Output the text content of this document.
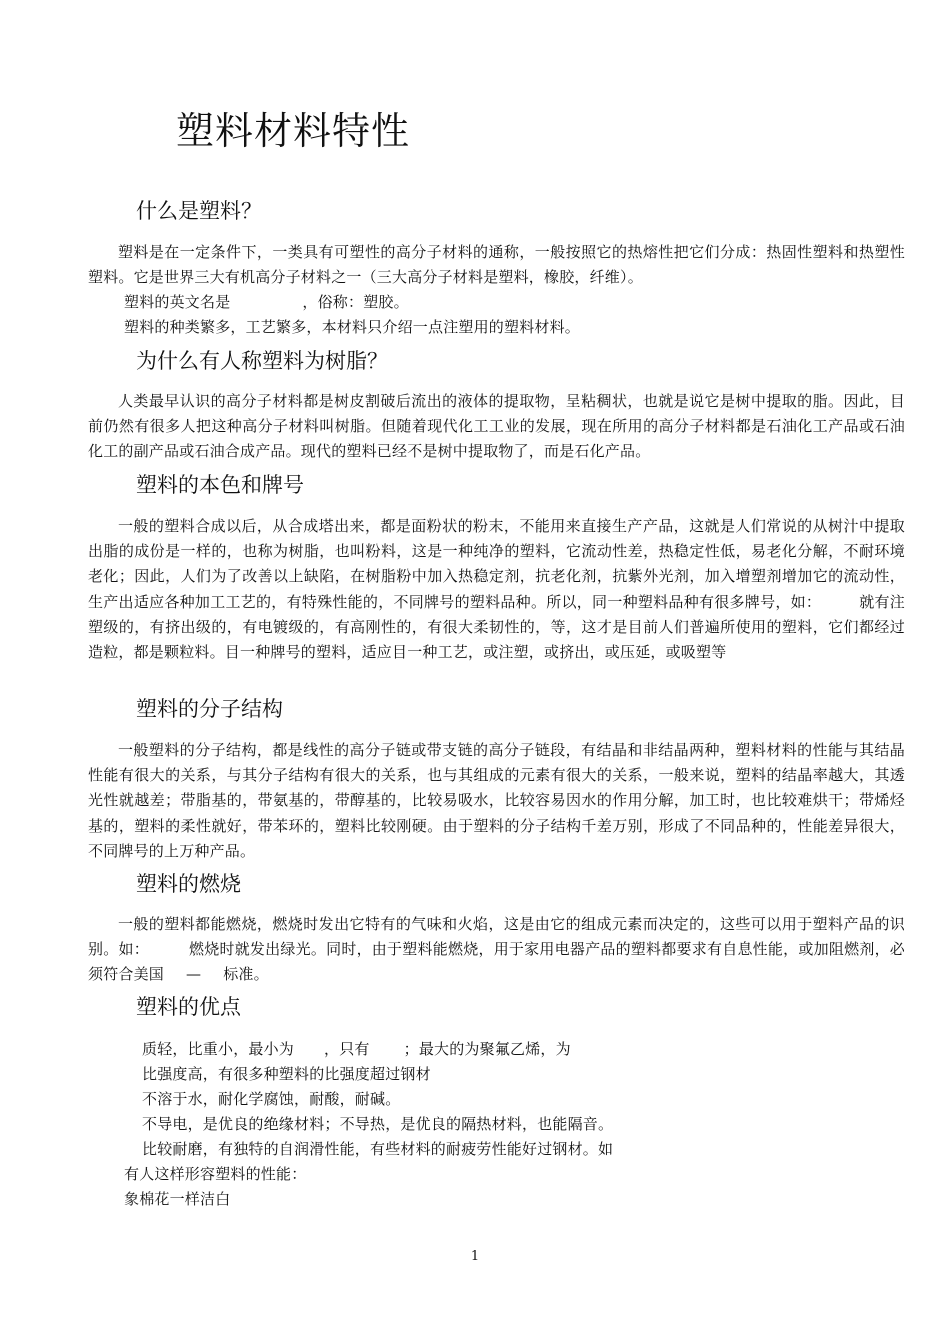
塑料材料特性
什么是塑料？

塑料是在一定条件下，一类具有可塑性的高分子材料的通称，一般按照它的热熔性把它们分成：热固性塑料和热塑性塑料。它是世界三大有机高分子材料之一（三大高分子材料是塑料，橡胶，纤维）。

塑料的英文名是	，俗称：塑胶。

塑料的种类繁多，工艺繁多，本材料只介绍一点注塑用的塑料材料。

为什么有人称塑料为树脂？

人类最早认识的高分子材料都是树皮割破后流出的液体的提取物，呈粘稠状，也就是说它是树中提取的脂。因此，目前仍然有很多人把这种高分子材料叫树脂。但随着现代化工工业的发展，现在所用的高分子材料都是石油化工产品或石油化工的副产品或石油合成产品。现代的塑料已经不是树中提取物了，而是石化产品。

塑料的本色和牌号

一般的塑料合成以后，从合成塔出来，都是面粉状的粉末，不能用来直接生产产品，这就是人们常说的从树汁中提取出脂的成份是一样的，也称为树脂，也叫粉料，这是一种纯净的塑料，它流动性差，热稳定性低，易老化分解，不耐环境老化；因此，人们为了改善以上缺陷，在树脂粉中加入热稳定剂，抗老化剂，抗紫外光剂，加入增塑剂增加它的流动性，生产出适应各种加工工艺的，有特殊性能的，不同牌号的塑料品种。所以，同一种塑料品种有很多牌号，如：	就有注塑级的，有挤出级的，有电镀级的，有高刚性的，有很大柔韧性的，等，这才是目前人们普遍所使用的塑料，它们都经过造粒，都是颗粒料。目一种牌号的塑料，适应目一种工艺，或注塑，或挤出，或压延，或吸塑等

塑料的分子结构

一般塑料的分子结构，都是线性的高分子链或带支链的高分子链段，有结晶和非结晶两种，塑料材料的性能与其结晶性能有很大的关系，与其分子结构有很大的关系，也与其组成的元素有很大的关系，一般来说，塑料的结晶率越大，其透光性就越差；带脂基的，带氨基的，带醇基的，比较易吸水，比较容易因水的作用分解，加工时，也比较难烘干；带烯烃基的，塑料的柔性就好，带苯环的，塑料比较刚硬。由于塑料的分子结构千差万别，形成了不同品种的，性能差异很大，不同牌号的上万种产品。

塑料的燃烧

一般的塑料都能燃烧，燃烧时发出它特有的气味和火焰，这是由它的组成元素而决定的，这些可以用于塑料产品的识别。如：	燃烧时就发出绿光。同时，由于塑料能燃烧，用于家用电器产品的塑料都要求有自息性能，或加阻燃剂，必须符合美国 — 标准。

塑料的优点

质轻，比重小，最小为 ，只有 ；最大的为聚氟乙烯，为

比强度高，有很多种塑料的比强度超过钢材

不溶于水，耐化学腐蚀，耐酸，耐碱。

不导电，是优良的绝缘材料；不导热，是优良的隔热材料，也能隔音。

比较耐磨，有独特的自润滑性能，有些材料的耐疲劳性能好过钢材。如

有人这样形容塑料的性能：

象棉花一样洁白

1
